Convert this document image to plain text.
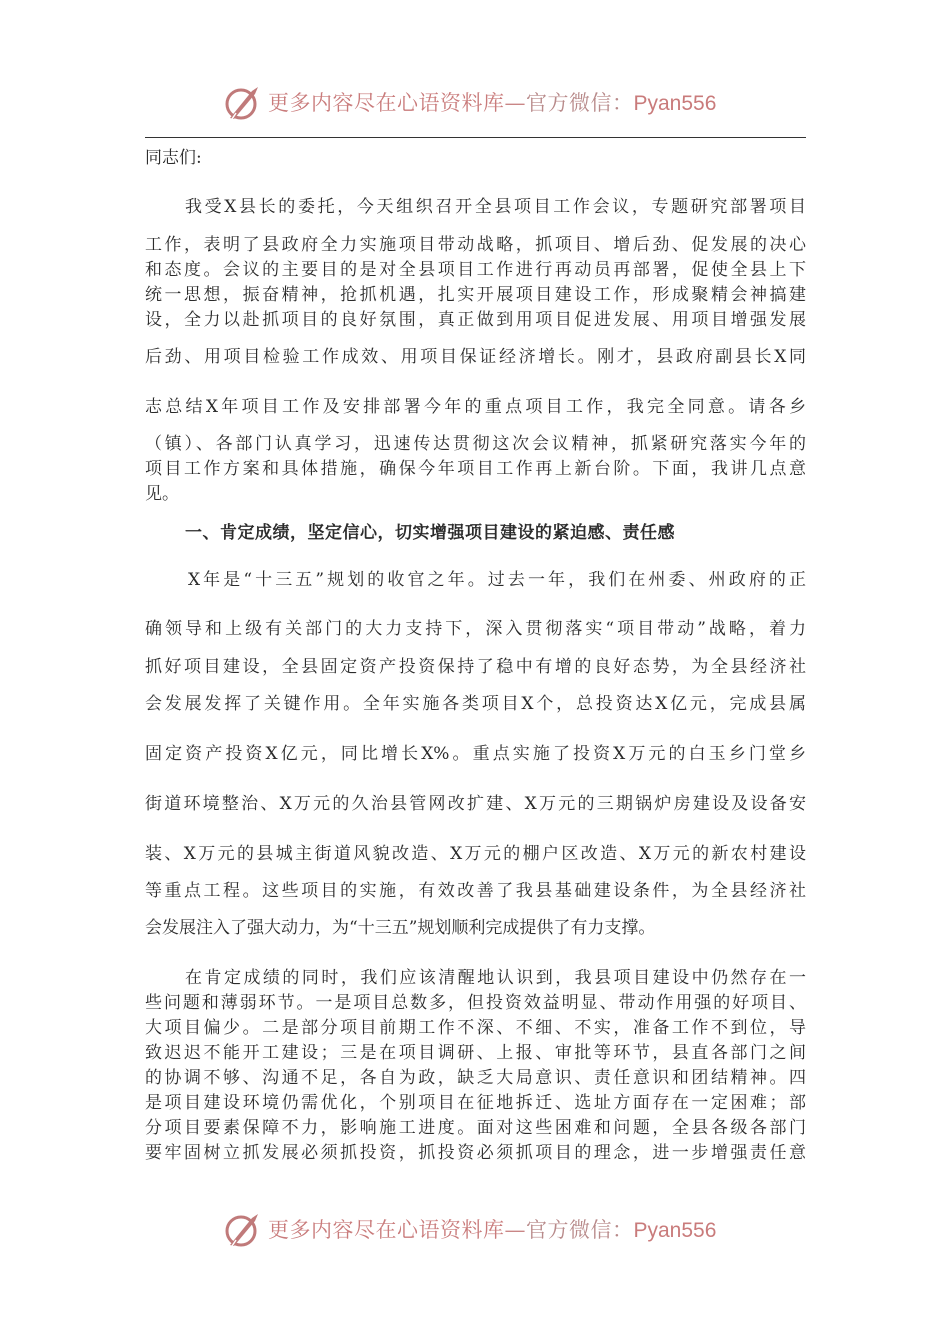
更多内容尽在心语资料库—官方微信：Pyan556

同志们:

我受X县长的委托，今天组织召开全县项目工作会议，专题研究部署项目

工作，表明了县政府全力实施项目带动战略，抓项目、增后劲、促发展的决心

和态度。会议的主要目的是对全县项目工作进行再动员再部署，促使全县上下

统一思想，振奋精神，抢抓机遇，扎实开展项目建设工作，形成聚精会神搞建

设，全力以赴抓项目的良好氛围，真正做到用项目促进发展、用项目增强发展

后劲、用项目检验工作成效、用项目保证经济增长。刚才，县政府副县长X同

志总结X年项目工作及安排部署今年的重点项目工作，我完全同意。请各乡

（镇）、各部门认真学习，迅速传达贯彻这次会议精神，抓紧研究落实今年的

项目工作方案和具体措施，确保今年项目工作再上新台阶。下面，我讲几点意

见。

一、肯定成绩，坚定信心，切实增强项目建设的紧迫感、责任感

X年是“十三五”规划的收官之年。过去一年，我们在州委、州政府的正

确领导和上级有关部门的大力支持下，深入贯彻落实“项目带动”战略，着力

抓好项目建设，全县固定资产投资保持了稳中有增的良好态势，为全县经济社

会发展发挥了关键作用。全年实施各类项目X个，总投资达X亿元，完成县属

固定资产投资X亿元，同比增长X%。重点实施了投资X万元的白玉乡门堂乡

街道环境整治、X万元的久治县管网改扩建、X万元的三期锅炉房建设及设备安

装、X万元的县城主街道风貌改造、X万元的棚户区改造、X万元的新农村建设

等重点工程。这些项目的实施，有效改善了我县基础建设条件，为全县经济社

会发展注入了强大动力，为“十三五”规划顺利完成提供了有力支撑。

在肯定成绩的同时，我们应该清醒地认识到，我县项目建设中仍然存在一

些问题和薄弱环节。一是项目总数多，但投资效益明显、带动作用强的好项目、

大项目偏少。二是部分项目前期工作不深、不细、不实，准备工作不到位，导

致迟迟不能开工建设；三是在项目调研、上报、审批等环节，县直各部门之间

的协调不够、沟通不足，各自为政，缺乏大局意识、责任意识和团结精神。四

是项目建设环境仍需优化，个别项目在征地拆迁、选址方面存在一定困难；部

分项目要素保障不力，影响施工进度。面对这些困难和问题，全县各级各部门

要牢固树立抓发展必须抓投资，抓投资必须抓项目的理念，进一步增强责任意

更多内容尽在心语资料库—官方微信：Pyan556
